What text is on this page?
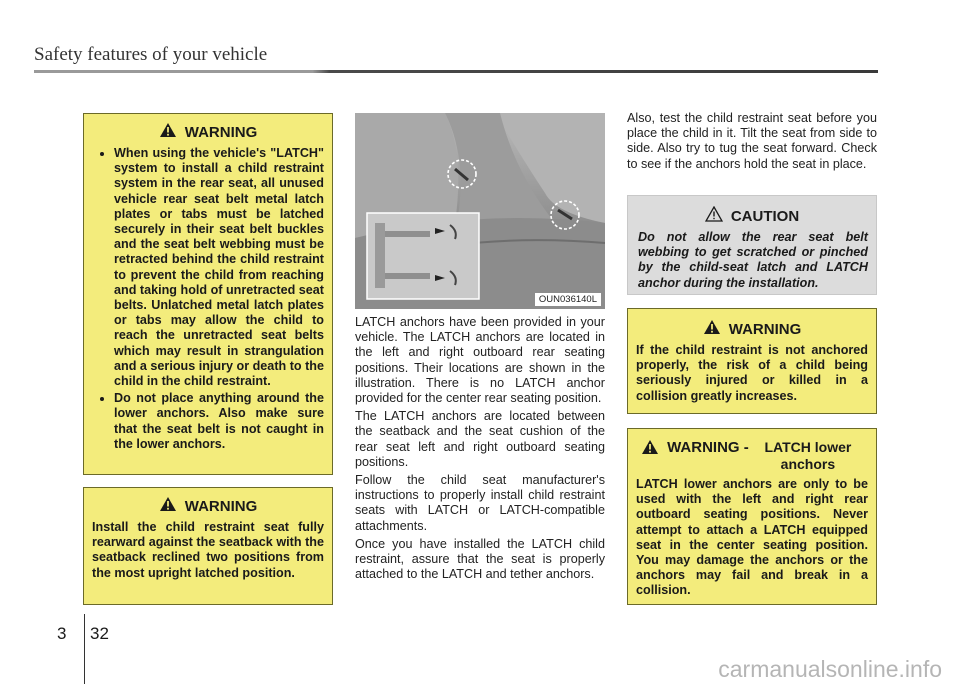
Safety features of your vehicle
WARNING
• When using the vehicle's "LATCH" system to install a child restraint system in the rear seat, all unused vehicle rear seat belt metal latch plates or tabs must be latched securely in their seat belt buckles and the seat belt webbing must be retracted behind the child restraint to prevent the child from reaching and taking hold of unretracted seat belts. Unlatched metal latch plates or tabs may allow the child to reach the unretracted seat belts which may result in strangulation and a serious injury or death to the child in the child restraint.
• Do not place anything around the lower anchors. Also make sure that the seat belt is not caught in the lower anchors.
WARNING

Install the child restraint seat fully rearward against the seatback with the seatback reclined two positions from the most upright latched position.

OUN036140L

LATCH anchors have been provided in your vehicle. The LATCH anchors are located in the left and right outboard rear seating positions. Their locations are shown in the illustration. There is no LATCH anchor provided for the center rear seating position.

The LATCH anchors are located between the seatback and the seat cushion of the rear seat left and right outboard seating positions.

Follow the child seat manufacturer's instructions to properly install child restraint seats with LATCH or LATCH-compatible attachments.

Once you have installed the LATCH child restraint, assure that the seat is properly attached to the LATCH and tether anchors.

Also, test the child restraint seat before you place the child in it. Tilt the seat from side to side. Also try to tug the seat forward. Check to see if the anchors hold the seat in place.

CAUTION

Do not allow the rear seat belt webbing to get scratched or pinched by the child-seat latch and LATCH anchor during the installation.

WARNING

If the child restraint is not anchored properly, the risk of a child being seriously injured or killed in a collision greatly increases.

WARNING - LATCH lower anchors

LATCH lower anchors are only to be used with the left and right rear outboard seating positions. Never attempt to attach a LATCH equipped seat in the center seating position. You may damage the anchors or the anchors may fail and break in a collision.

3 32
carmanualsonline.info
